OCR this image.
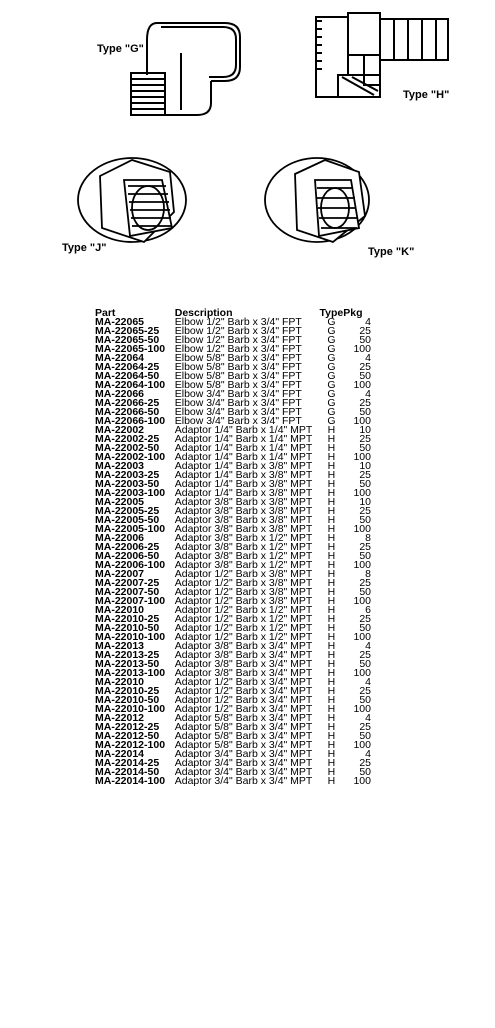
Type "G"
Type "H"
Type "J"	Type "K"
Part	Description	Type	Pkg
MA-22065	Elbow 1/2" Barb x 3/4" FPT	G	4
MA-22065-25	Elbow 1/2" Barb x 3/4" FPT	G	25
MA-22065-50	Elbow 1/2" Barb x 3/4" FPT	G	50
MA-22065-100	Elbow 1/2" Barb x 3/4" FPT	G	100
MA-22064	Elbow 5/8" Barb x 3/4" FPT	G	4
MA-22064-25	Elbow 5/8" Barb x 3/4" FPT	G	25
MA-22064-50	Elbow 5/8" Barb x 3/4" FPT	G	50
MA-22064-100	Elbow 5/8" Barb x 3/4" FPT	G	100
MA-22066	Elbow 3/4" Barb x 3/4" FPT	G	4
MA-22066-25	Elbow 3/4" Barb x 3/4" FPT	G	25
MA-22066-50	Elbow 3/4" Barb x 3/4" FPT	G	50
MA-22066-100	Elbow 3/4" Barb x 3/4" FPT	G	100
MA-22002	Adaptor 1/4" Barb x 1/4" MPT	H	10
MA-22002-25	Adaptor 1/4" Barb x 1/4" MPT	H	25
MA-22002-50	Adaptor 1/4" Barb x 1/4" MPT	H	50
MA-22002-100	Adaptor 1/4" Barb x 1/4" MPT	H	100
MA-22003	Adaptor 1/4" Barb x 3/8" MPT	H	10
MA-22003-25	Adaptor 1/4" Barb x 3/8" MPT	H	25
MA-22003-50	Adaptor 1/4" Barb x 3/8" MPT	H	50
MA-22003-100	Adaptor 1/4" Barb x 3/8" MPT	H	100
MA-22005	Adaptor 3/8" Barb x 3/8" MPT	H	10
MA-22005-25	Adaptor 3/8" Barb x 3/8" MPT	H	25
MA-22005-50	Adaptor 3/8" Barb x 3/8" MPT	H	50
MA-22005-100	Adaptor 3/8" Barb x 3/8" MPT	H	100
MA-22006	Adaptor 3/8" Barb x 1/2" MPT	H	8
MA-22006-25	Adaptor 3/8" Barb x 1/2" MPT	H	25
MA-22006-50	Adaptor 3/8" Barb x 1/2" MPT	H	50
MA-22006-100	Adaptor 3/8" Barb x 1/2" MPT	H	100
MA-22007	Adaptor 1/2" Barb x 3/8" MPT	H	8
MA-22007-25	Adaptor 1/2" Barb x 3/8" MPT	H	25
MA-22007-50	Adaptor 1/2" Barb x 3/8" MPT	H	50
MA-22007-100	Adaptor 1/2" Barb x 3/8" MPT	H	100
MA-22010	Adaptor 1/2" Barb x 1/2" MPT	H	6
MA-22010-25	Adaptor 1/2" Barb x 1/2" MPT	H	25
MA-22010-50	Adaptor 1/2" Barb x 1/2" MPT	H	50
MA-22010-100	Adaptor 1/2" Barb x 1/2" MPT	H	100
MA-22013	Adaptor 3/8" Barb x 3/4" MPT	H	4
MA-22013-25	Adaptor 3/8" Barb x 3/4" MPT	H	25
MA-22013-50	Adaptor 3/8" Barb x 3/4" MPT	H	50
MA-22013-100	Adaptor 3/8" Barb x 3/4" MPT	H	100
MA-22010	Adaptor 1/2" Barb x 3/4" MPT	H	4
MA-22010-25	Adaptor 1/2" Barb x 3/4" MPT	H	25
MA-22010-50	Adaptor 1/2" Barb x 3/4" MPT	H	50
MA-22010-100	Adaptor 1/2" Barb x 3/4" MPT	H	100
MA-22012	Adaptor 5/8" Barb x 3/4" MPT	H	4
MA-22012-25	Adaptor 5/8" Barb x 3/4" MPT	H	25
MA-22012-50	Adaptor 5/8" Barb x 3/4" MPT	H	50
MA-22012-100	Adaptor 5/8" Barb x 3/4" MPT	H	100
MA-22014	Adaptor 3/4" Barb x 3/4" MPT	H	4
MA-22014-25	Adaptor 3/4" Barb x 3/4" MPT	H	25
MA-22014-50	Adaptor 3/4" Barb x 3/4" MPT	H	50
MA-22014-100	Adaptor 3/4" Barb x 3/4" MPT	H	100
